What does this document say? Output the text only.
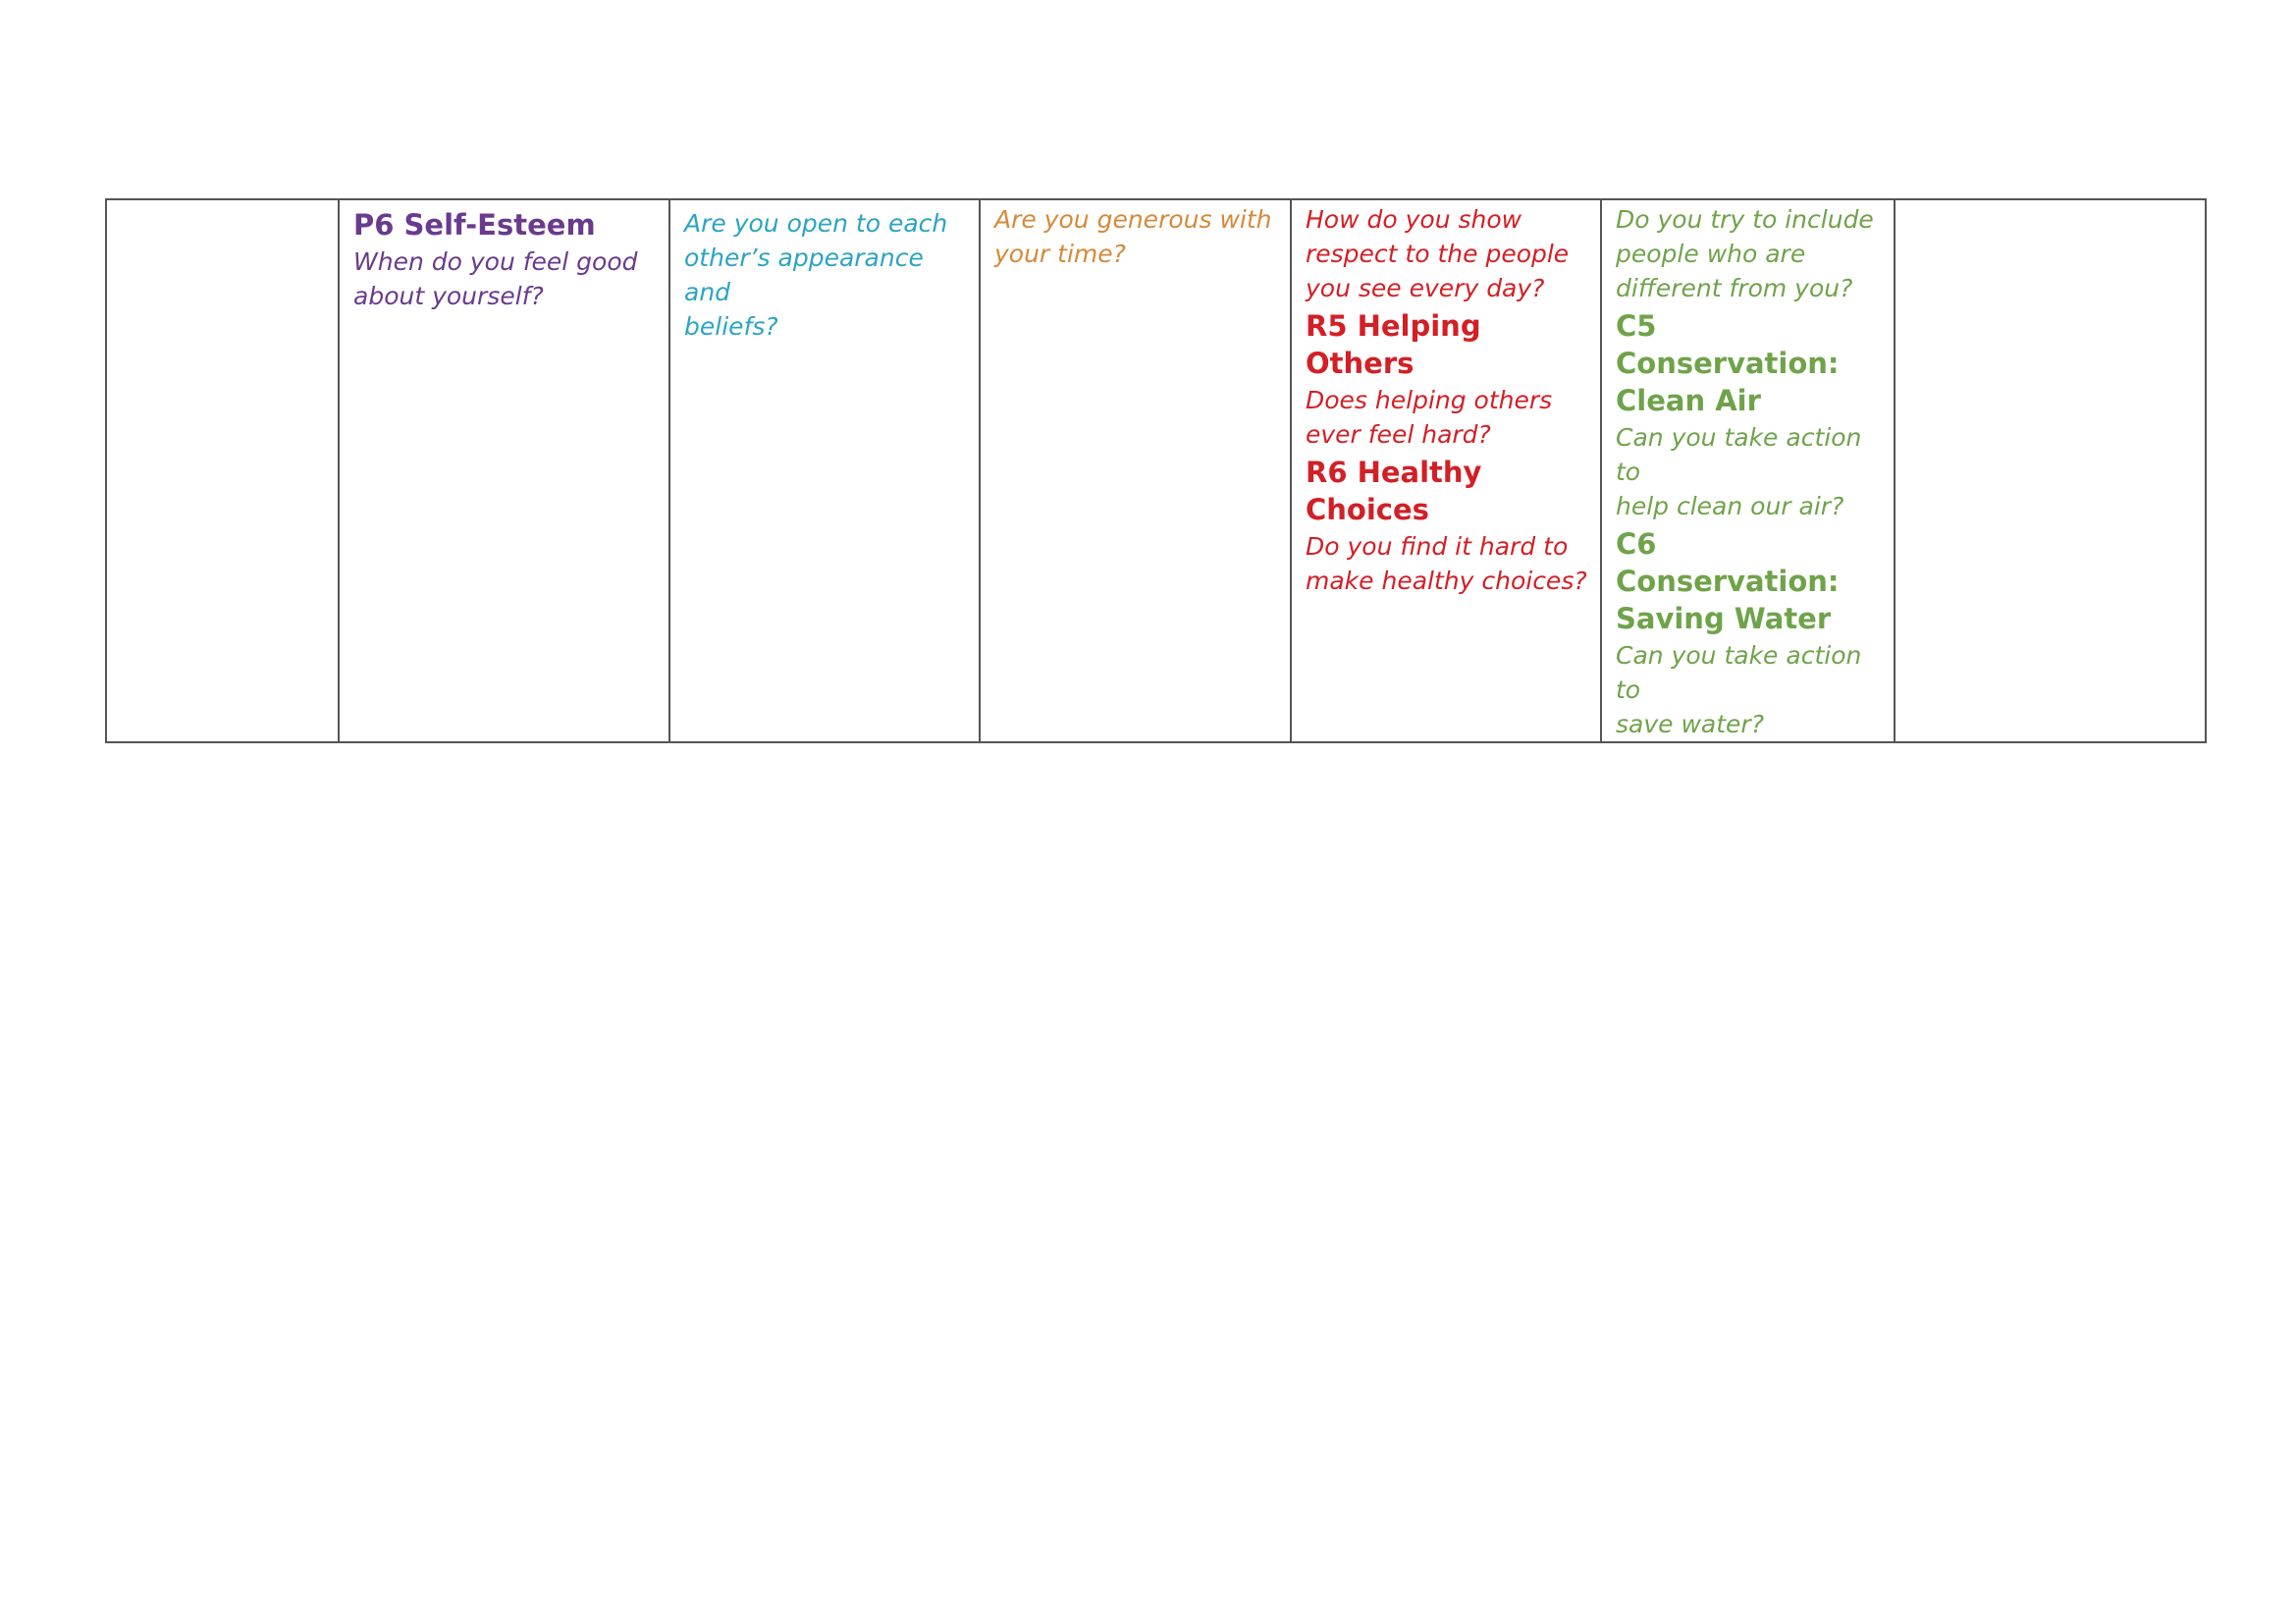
P6 Self-Esteem
When do you feel good
about yourself?

Are you open to each
other’s appearance and
beliefs?

Are you generous with
your time?

How do you show
respect to the people
you see every day?
R5 Helping Others
Does helping others
ever feel hard?
R6 Healthy Choices
Do you find it hard to
make healthy choices?

Do you try to include
people who are
different from you?
C5 Conservation:
Clean Air
Can you take action to
help clean our air?
C6 Conservation:
Saving Water
Can you take action to
save water?
